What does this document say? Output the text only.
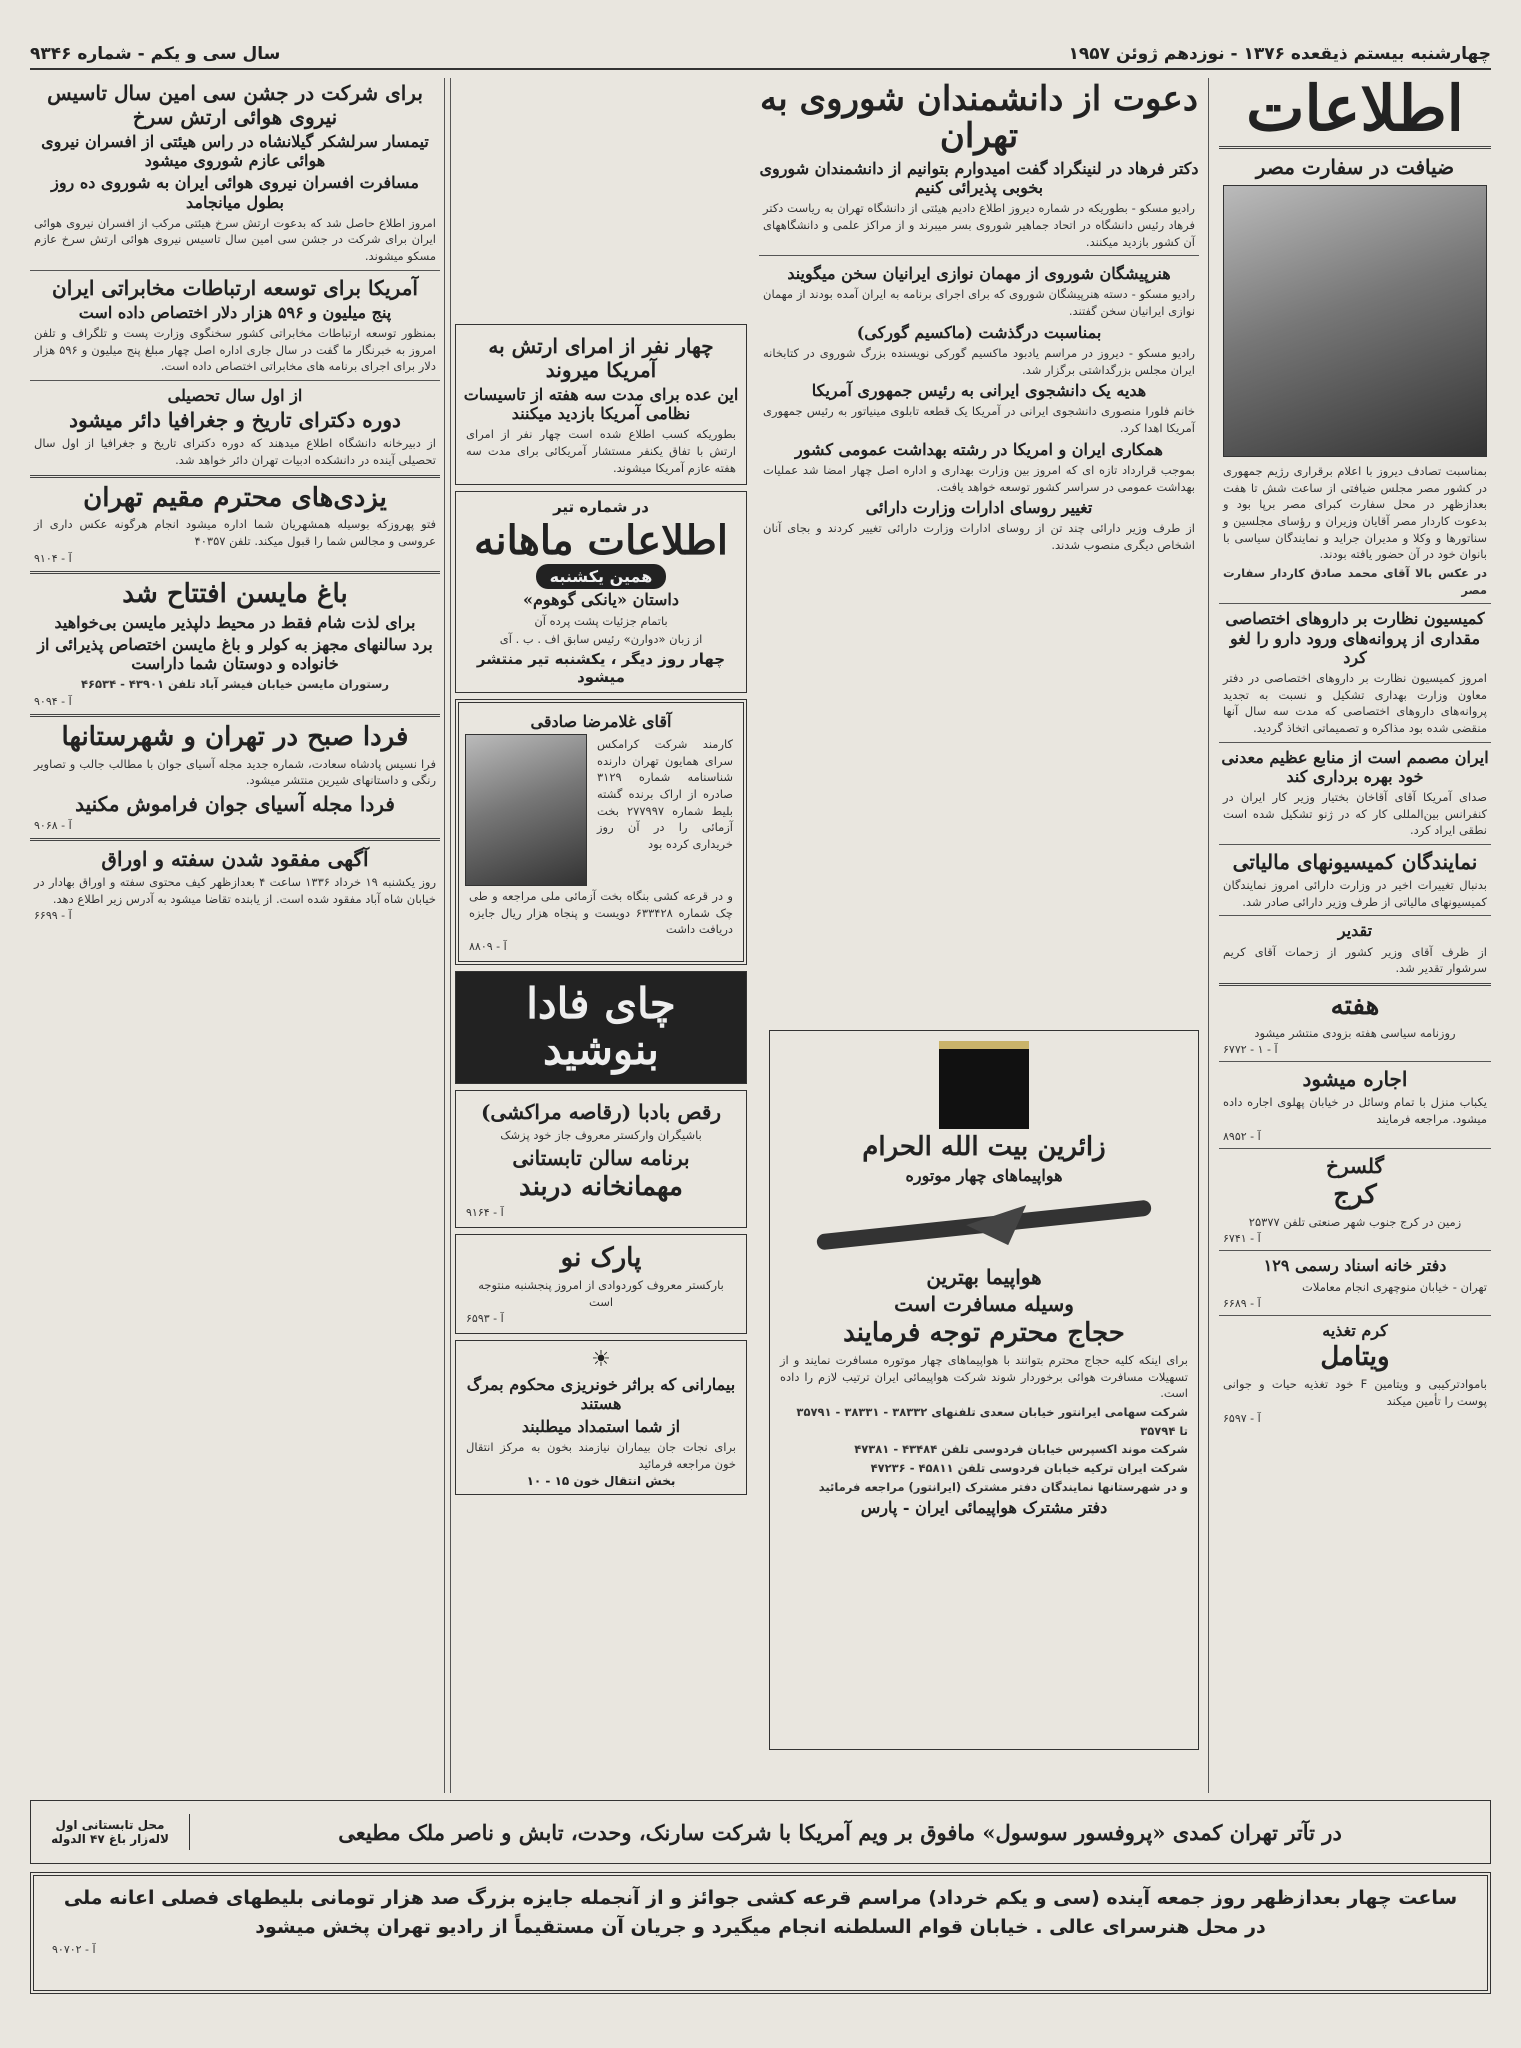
چهارشنبه بیستم ذیقعده ۱۳۷۶ - نوزدهم ژوئن ۱۹۵۷
سال سی و یکم - شماره ۹۳۴۶
اطلاعات
ضیافت در سفارت مصر

بمناسبت تصادف دیروز با اعلام برقراری رژیم جمهوری در کشور مصر مجلس ضیافتی از ساعت شش تا هفت بعدازظهر در محل سفارت کبرای مصر برپا بود و بدعوت کاردار مصر آقایان وزیران و رؤسای مجلسین و سناتورها و وکلا و مدیران جراید و نمایندگان سیاسی با بانوان خود در آن حضور یافته بودند.

در عکس بالا آقای محمد صادق کاردار سفارت مصر

کمیسیون نظارت بر داروهای اختصاصی مقداری از پروانه‌های ورود دارو را لغو کرد

امروز کمیسیون نظارت بر داروهای اختصاصی در دفتر معاون وزارت بهداری تشکیل و نسبت به تجدید پروانه‌های داروهای اختصاصی که مدت سه سال آنها منقضی شده بود مذاکره و تصمیماتی اتخاذ گردید.

ایران مصمم است از منابع عظیم معدنی خود بهره برداری کند

صدای آمریکا آقای آقاخان بختیار وزیر کار ایران در کنفرانس بین‌المللی کار که در ژنو تشکیل شده است نطقی ایراد کرد.

نمایندگان کمیسیونهای مالیاتی

بدنبال تغییرات اخیر در وزارت دارائی امروز نمایندگان کمیسیونهای مالیاتی از طرف وزیر دارائی صادر شد.

تقدیر

از ظرف آقای وزیر کشور از زحمات آقای کریم سرشوار تقدیر شد.

هفته

روزنامه سیاسی هفته بزودی منتشر میشود

آ - ۱ - ۶۷۷۲

اجاره میشود

یکباب منزل با تمام وسائل در خیابان پهلوی اجاره داده میشود. مراجعه فرمایند

آ - ۸۹۵۲

گلسرخ
کرج

زمین در کرج جنوب شهر صنعتی تلفن ۲۵۳۷۷

آ - ۶۷۴۱

دفتر خانه اسناد رسمی ۱۲۹

تهران - خیابان منوچهری انجام معاملات

آ - ۶۶۸۹

کرم تغذیه
ویتامل

باموادترکیبی و ویتامین F خود تغذیه حیات و جوانی پوست را تأمین میکند

آ - ۶۵۹۷

دعوت از دانشمندان شوروی به تهران
دکتر فرهاد در لنینگراد گفت امیدوارم بتوانیم از دانشمندان شوروی بخوبی پذیرائی کنیم

رادیو مسکو - بطوریکه در شماره دیروز اطلاع دادیم هیئتی از دانشگاه تهران به ریاست دکتر فرهاد رئیس دانشگاه در اتحاد جماهیر شوروی بسر میبرند و از مراکز علمی و دانشگاههای آن کشور بازدید میکنند.

هنرپیشگان شوروی از مهمان نوازی ایرانیان سخن میگویند

رادیو مسکو - دسته هنرپیشگان شوروی که برای اجرای برنامه به ایران آمده بودند از مهمان نوازی ایرانیان سخن گفتند.

بمناسبت درگذشت (ماکسیم گورکی)

رادیو مسکو - دیروز در مراسم یادبود ماکسیم گورکی نویسنده بزرگ شوروی در کتابخانه ایران مجلس بزرگداشتی برگزار شد.

هدیه یک دانشجوی ایرانی به رئیس جمهوری آمریکا

خانم فلورا منصوری دانشجوی ایرانی در آمریکا یک قطعه تابلوی مینیاتور به رئیس جمهوری آمریکا اهدا کرد.

همکاری ایران و امریکا در رشته بهداشت عمومی کشور

بموجب قرارداد تازه ای که امروز بین وزارت بهداری و اداره اصل چهار امضا شد عملیات بهداشت عمومی در سراسر کشور توسعه خواهد یافت.

تغییر روسای ادارات وزارت دارائی

از طرف وزیر دارائی چند تن از روسای ادارات وزارت دارائی تغییر کردند و بجای آنان اشخاص دیگری منصوب شدند.

چهار نفر از امرای ارتش به آمریکا میروند
این عده برای مدت سه هفته از تاسیسات نظامی آمریکا بازدید میکنند

بطوریکه کسب اطلاع شده است چهار نفر از امرای ارتش با تفاق یکنفر مستشار آمریکائی برای مدت سه هفته عازم آمریکا میشوند.

در شماره تیر
اطلاعات ماهانه
همین یکشنبه
داستان «یانکی گوهوم»

باتمام جزئیات پشت پرده آن

از زبان «دوارن» رئیس سابق اف . ب . آی

چهار روز دیگر ، یکشنبه تیر منتشر میشود
آقای غلامرضا صادقی

کارمند شرکت کرامکس سرای همایون تهران دارنده شناسنامه شماره ۳۱۲۹ صادره از اراک برنده گشته بلیط شماره ۲۷۷۹۹۷ بخت آزمائی را در آن روز خریداری کرده بود

و در قرعه کشی بنگاه بخت آزمائی ملی مراجعه و طی چک شماره ۶۳۳۴۲۸ دویست و پنجاه هزار ریال جایزه دریافت داشت

آ - ۸۸۰۹

چای فادا بنوشید
رقص بادبا (رقاصه مراکشی)

باشیگران وارکستر معروف جاز خود پزشک

برنامه سالن تابستانی
مهمانخانه دربند

آ - ۹۱۶۴

پارک نو

بارکستر معروف کوردوادی از امروز پنجشنبه منتوجه است

آ - ۶۵۹۳

☀
بیمارانی که براثر خونریزی محکوم بمرگ هستند
از شما استمداد میطلبند

برای نجات جان بیماران نیازمند بخون به مرکز انتقال خون مراجعه فرمائید

بخش انتقال خون ۱۵ - ۱۰
برای شرکت در جشن سی امین سال تاسیس نیروی هوائی ارتش سرخ
تیمسار سرلشکر گیلانشاه در راس هیئتی از افسران نیروی هوائی عازم شوروی میشود
مسافرت افسران نیروی هوائی ایران به شوروی ده روز بطول میانجامد

امروز اطلاع حاصل شد که بدعوت ارتش سرخ هیئتی مرکب از افسران نیروی هوائی ایران برای شرکت در جشن سی امین سال تاسیس نیروی هوائی ارتش سرخ عازم مسکو میشوند.

آمریکا برای توسعه ارتباطات مخابراتی ایران
پنج میلیون و ۵۹۶ هزار دلار اختصاص داده است

بمنظور توسعه ارتباطات مخابراتی کشور سخنگوی وزارت پست و تلگراف و تلفن امروز به خبرنگار ما گفت در سال جاری اداره اصل چهار مبلغ پنج میلیون و ۵۹۶ هزار دلار برای اجرای برنامه های مخابراتی اختصاص داده است.

از اول سال تحصیلی
دوره دکترای تاریخ و جغرافیا دائر میشود

از دبیرخانه دانشگاه اطلاع میدهند که دوره دکترای تاریخ و جغرافیا از اول سال تحصیلی آینده در دانشکده ادبیات تهران دائر خواهد شد.

یزدی‌های محترم مقیم تهران

فتو پهروزکه بوسیله همشهریان شما اداره میشود انجام هرگونه عکس داری از عروسی و مجالس شما را قبول میکند. تلفن ۴۰۳۵۷

آ - ۹۱۰۴

باغ مایسن افتتاح شد
برای لذت شام فقط در محیط دلپذیر مایسن بی‌خواهید
برد سالنهای مجهز به کولر و باغ مایسن اختصاص پذیرائی از خانواده و دوستان شما داراست

رستوران مایسن خیابان فیشر آباد تلفن ۴۳۹۰۱ - ۴۶۵۳۴

آ - ۹۰۹۴

فردا صبح در تهران و شهرستانها

فرا نسیس پادشاه سعادت، شماره جدید مجله آسیای جوان با مطالب جالب و تصاویر رنگی و داستانهای شیرین منتشر میشود.

فردا مجله آسیای جوان فراموش مکنید

آ - ۹۰۶۸

آگهی مفقود شدن سفته و اوراق

روز یکشنبه ۱۹ خرداد ۱۳۳۶ ساعت ۴ بعدازظهر کیف محتوی سفته و اوراق بهادار در خیابان شاه آباد مفقود شده است. از یابنده تقاضا میشود به آدرس زیر اطلاع دهد.

آ - ۶۶۹۹

زائرین بیت الله الحرام
هواپیماهای چهار موتوره
هواپیما بهترین
وسیله مسافرت است
حجاج محترم توجه فرمایند

برای اینکه کلیه حجاج محترم بتوانند با هواپیماهای چهار موتوره مسافرت نمایند و از تسهیلات مسافرت هوائی برخوردار شوند شرکت هواپیمائی ایران ترتیب لازم را داده است.

شرکت سهامی ایرانتور خیابان سعدی تلفنهای ۳۸۳۳۲ - ۳۸۳۳۱ - ۳۵۷۹۱

تا ۳۵۷۹۴

شرکت موند اکسپرس خیابان فردوسی تلفن ۴۳۴۸۴ - ۴۷۳۸۱

شرکت ایران ترکیه خیابان فردوسی تلفن ۴۵۸۱۱ - ۴۷۲۳۶

و در شهرستانها نمایندگان دفتر مشترک (ایرانتور) مراجعه فرمائید

دفتر مشترک هواپیمائی ایران - پارس
در تآتر تهران کمدی «پروفسور سوسول» مافوق بر ویم آمریکا با شرکت سارنک، وحدت، تابش و ناصر ملک مطیعی
محل تابستانی اول لاله‌زار باغ ۴۷ الدوله
ساعت چهار بعدازظهر روز جمعه آینده (سی و یکم خرداد) مراسم قرعه کشی جوائز و از آنجمله جایزه بزرگ صد هزار تومانی بلیطهای فصلی اعانه ملی
در محل هنرسرای عالی . خیابان قوام السلطنه انجام میگیرد و جریان آن مستقیماً از رادیو تهران پخش میشود
آ - ۹۰۷۰۲
